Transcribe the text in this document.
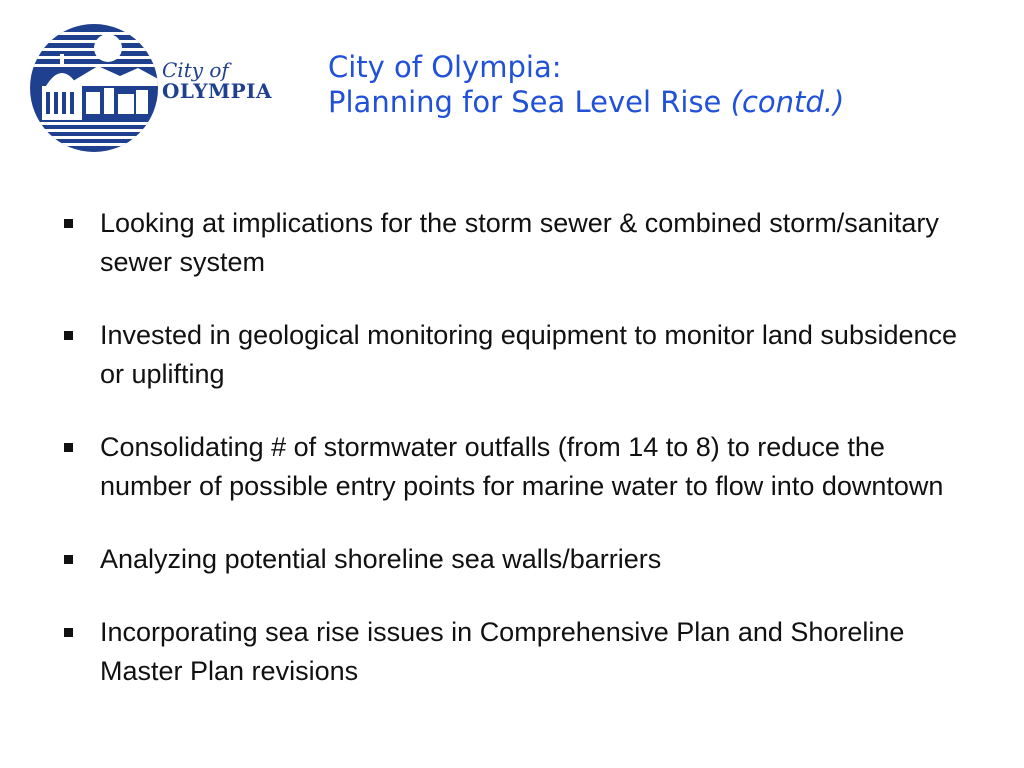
City of
OLYMPIA
City of Olympia:
Planning for Sea Level Rise (contd.)
Looking at implications for the storm sewer & combined storm/sanitary sewer system
Invested in geological monitoring equipment to monitor land subsidence or uplifting
Consolidating # of stormwater outfalls (from 14 to 8) to reduce the number of possible entry points for marine water to flow into downtown
Analyzing potential shoreline sea walls/barriers
Incorporating sea rise issues in Comprehensive Plan and Shoreline Master Plan revisions
